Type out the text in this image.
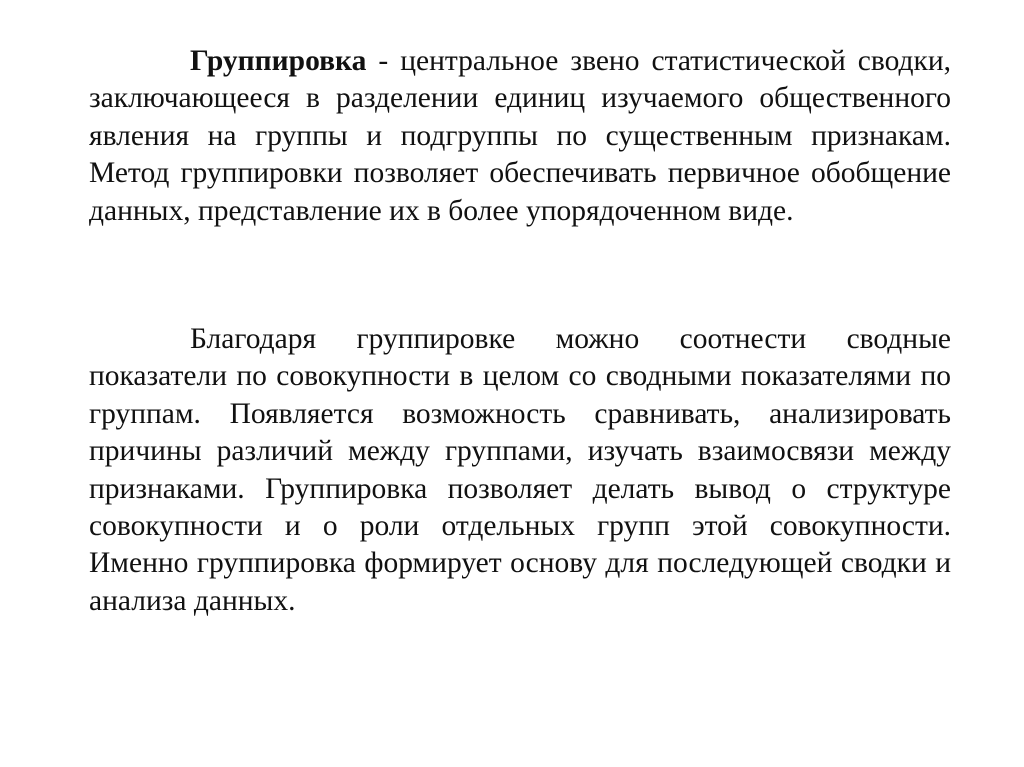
Группировка - центральное звено статистической сводки, заключающееся в разделении единиц изучаемого общественного явления на группы и подгруппы по существенным признакам. Метод группировки позволяет обеспечивать первичное обобщение данных, представление их в более упорядоченном виде.

Благодаря группировке можно соотнести сводные показатели по совокупности в целом со сводными показателями по группам. Появляется возможность сравнивать, анализировать причины различий между группами, изучать взаимосвязи между признаками. Группировка позволяет делать вывод о структуре совокупности и о роли отдельных групп этой совокупности. Именно группировка формирует основу для последующей сводки и анализа данных.
